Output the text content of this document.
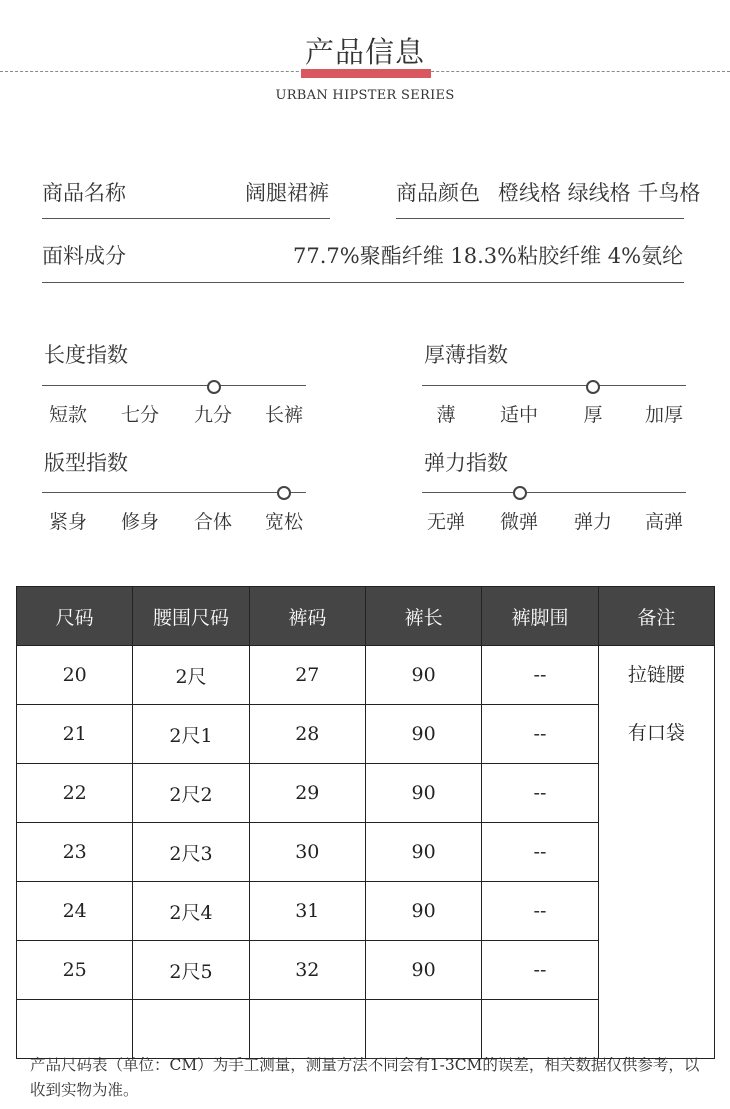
产品信息
URBAN HIPSTER SERIES
商品名称	阔腿裙裤	商品颜色 橙线格 绿线格 千鸟格
面料成分	77.7%聚酯纤维 18.3%粘胶纤维 4%氨纶
长度指数
短款	七分	九分	长裤
厚薄指数
薄	适中	厚	加厚
版型指数
紧身	修身	合体	宽松
弹力指数
无弹	微弹	弹力	高弹
尺码	腰围尺码	裤码	裤长	裤脚围	备注
20	2尺	27	90	--	拉链腰
有口袋

21	2尺1	28	90	--	
22	2尺2	29	90	--	
23	2尺3	30	90	--	
24	2尺4	31	90	--	
25	2尺5	32	90	--	

产品尺码表（单位：CM）为手工测量，测量方法不同会有1-3CM的误差，相关数据仅供参考，以收到实物为准。
